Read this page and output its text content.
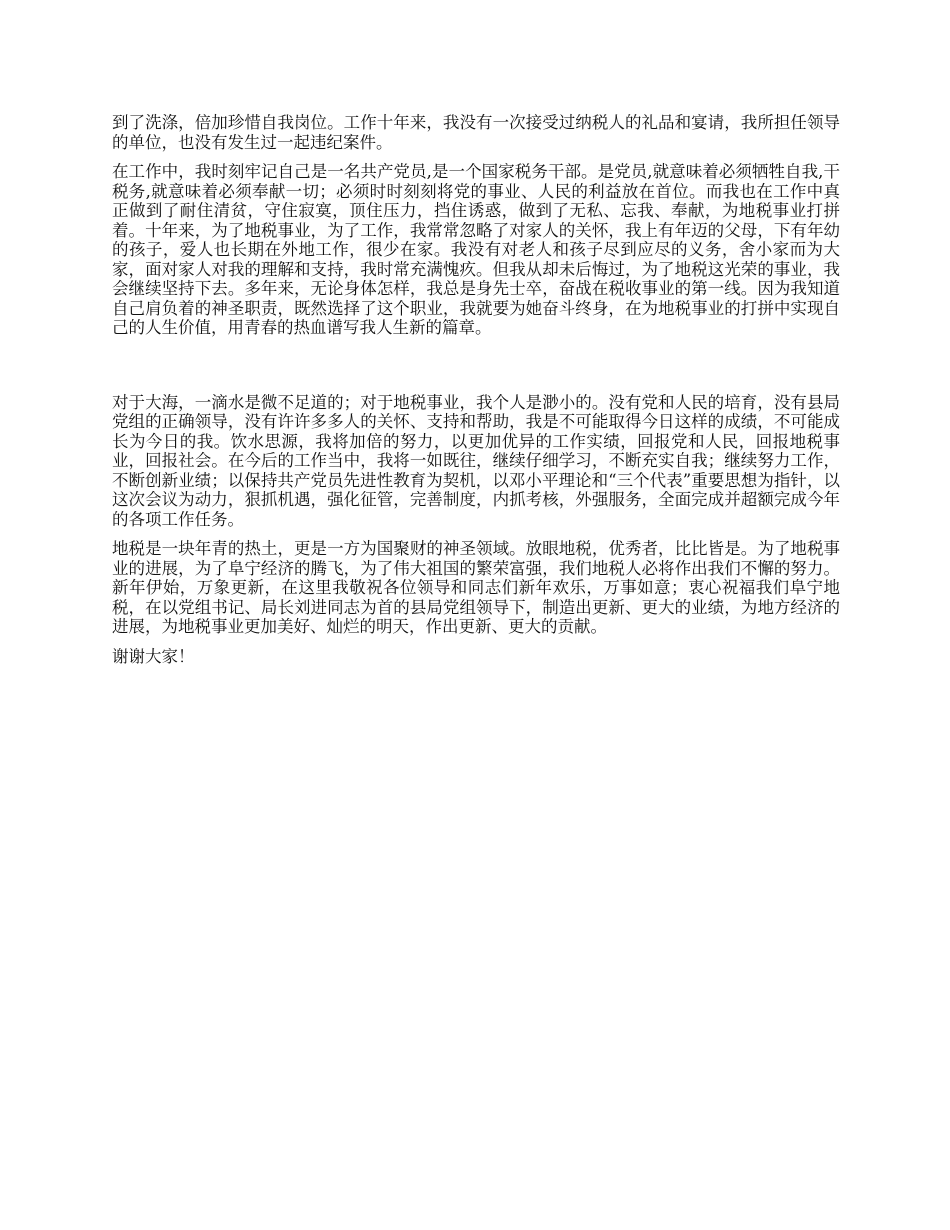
到了洗涤，倍加珍惜自我岗位。工作十年来，我没有一次接受过纳税人的礼品和宴请，我所担任领导的单位，也没有发生过一起违纪案件。

在工作中，我时刻牢记自己是一名共产党员,是一个国家税务干部。是党员,就意味着必须牺牲自我,干税务,就意味着必须奉献一切；必须时时刻刻将党的事业、人民的利益放在首位。而我也在工作中真正做到了耐住清贫，守住寂寞，顶住压力，挡住诱惑，做到了无私、忘我、奉献，为地税事业打拼着。十年来，为了地税事业，为了工作，我常常忽略了对家人的关怀，我上有年迈的父母，下有年幼的孩子，爱人也长期在外地工作，很少在家。我没有对老人和孩子尽到应尽的义务，舍小家而为大家，面对家人对我的理解和支持，我时常充满愧疚。但我从却未后悔过，为了地税这光荣的事业，我会继续坚持下去。多年来，无论身体怎样，我总是身先士卒，奋战在税收事业的第一线。因为我知道自己肩负着的神圣职责，既然选择了这个职业，我就要为她奋斗终身，在为地税事业的打拼中实现自己的人生价值，用青春的热血谱写我人生新的篇章。

对于大海，一滴水是微不足道的；对于地税事业，我个人是渺小的。没有党和人民的培育，没有县局党组的正确领导，没有许许多多人的关怀、支持和帮助，我是不可能取得今日这样的成绩，不可能成长为今日的我。饮水思源，我将加倍的努力，以更加优异的工作实绩，回报党和人民，回报地税事业，回报社会。在今后的工作当中，我将一如既往，继续仔细学习，不断充实自我；继续努力工作，不断创新业绩；以保持共产党员先进性教育为契机，以邓小平理论和“三个代表”重要思想为指针，以这次会议为动力，狠抓机遇，强化征管，完善制度，内抓考核，外强服务，全面完成并超额完成今年的各项工作任务。

地税是一块年青的热土，更是一方为国聚财的神圣领域。放眼地税，优秀者，比比皆是。为了地税事业的进展，为了阜宁经济的腾飞，为了伟大祖国的繁荣富强，我们地税人必将作出我们不懈的努力。新年伊始，万象更新，在这里我敬祝各位领导和同志们新年欢乐，万事如意；衷心祝福我们阜宁地税，在以党组书记、局长刘进同志为首的县局党组领导下，制造出更新、更大的业绩，为地方经济的进展，为地税事业更加美好、灿烂的明天，作出更新、更大的贡献。

谢谢大家！
